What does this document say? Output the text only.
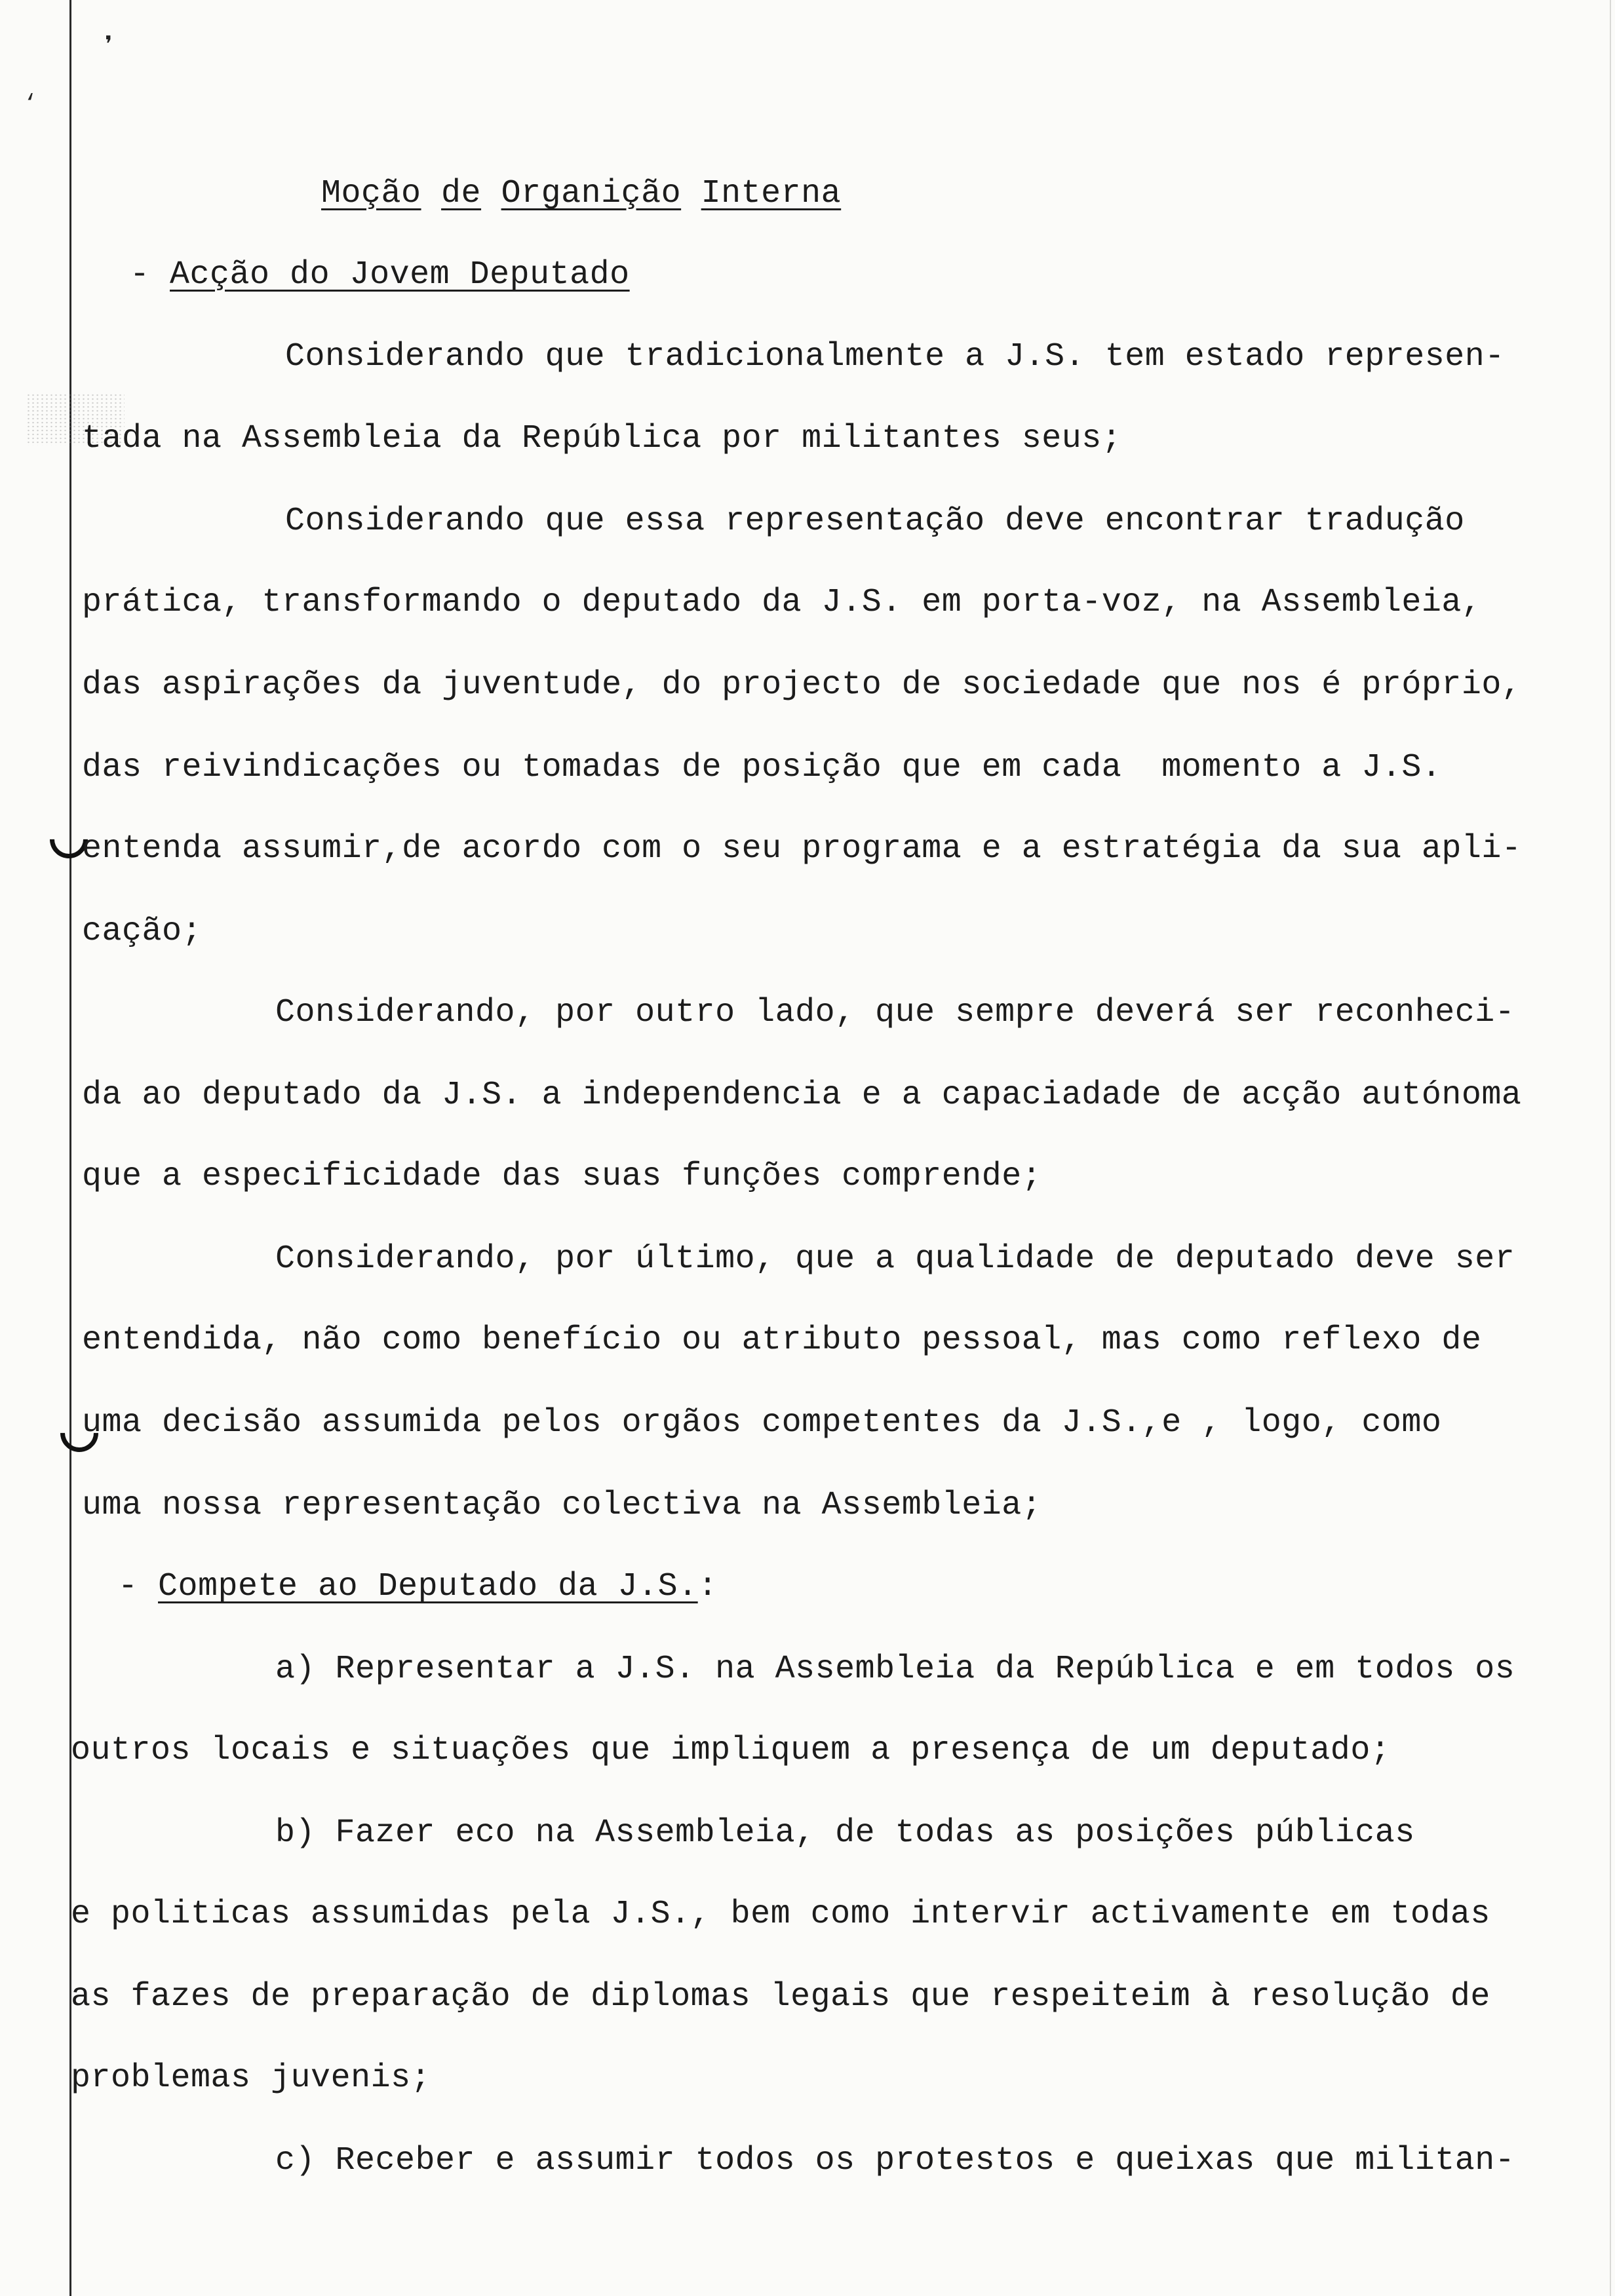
❜
‘
Moção de Organição Interna
- Acção do Jovem Deputado
Considerando que tradicionalmente a J.S. tem estado represen-
tada na Assembleia da República por militantes seus;
Considerando que essa representação deve encontrar tradução
prática, transformando o deputado da J.S. em porta-voz, na Assembleia,
das aspirações da juventude, do projecto de sociedade que nos é próprio,
das reivindicações ou tomadas de posição que em cada  momento a J.S.
entenda assumir,de acordo com o seu programa e a estratégia da sua apli-
cação;
Considerando, por outro lado, que sempre deverá ser reconheci-
da ao deputado da J.S. a independencia e a capaciadade de acção autónoma
que a especificidade das suas funções comprende;
Considerando, por último, que a qualidade de deputado deve ser
entendida, não como benefício ou atributo pessoal, mas como reflexo de
uma decisão assumida pelos orgãos competentes da J.S.,e , logo, como
uma nossa representação colectiva na Assembleia;
- Compete ao Deputado da J.S.:
a) Representar a J.S. na Assembleia da República e em todos os
outros locais e situações que impliquem a presença de um deputado;
b) Fazer eco na Assembleia, de todas as posições públicas
e politicas assumidas pela J.S., bem como intervir activamente em todas
as fazes de preparação de diplomas legais que respeiteim à resolução de
problemas juvenis;
c) Receber e assumir todos os protestos e queixas que militan-
